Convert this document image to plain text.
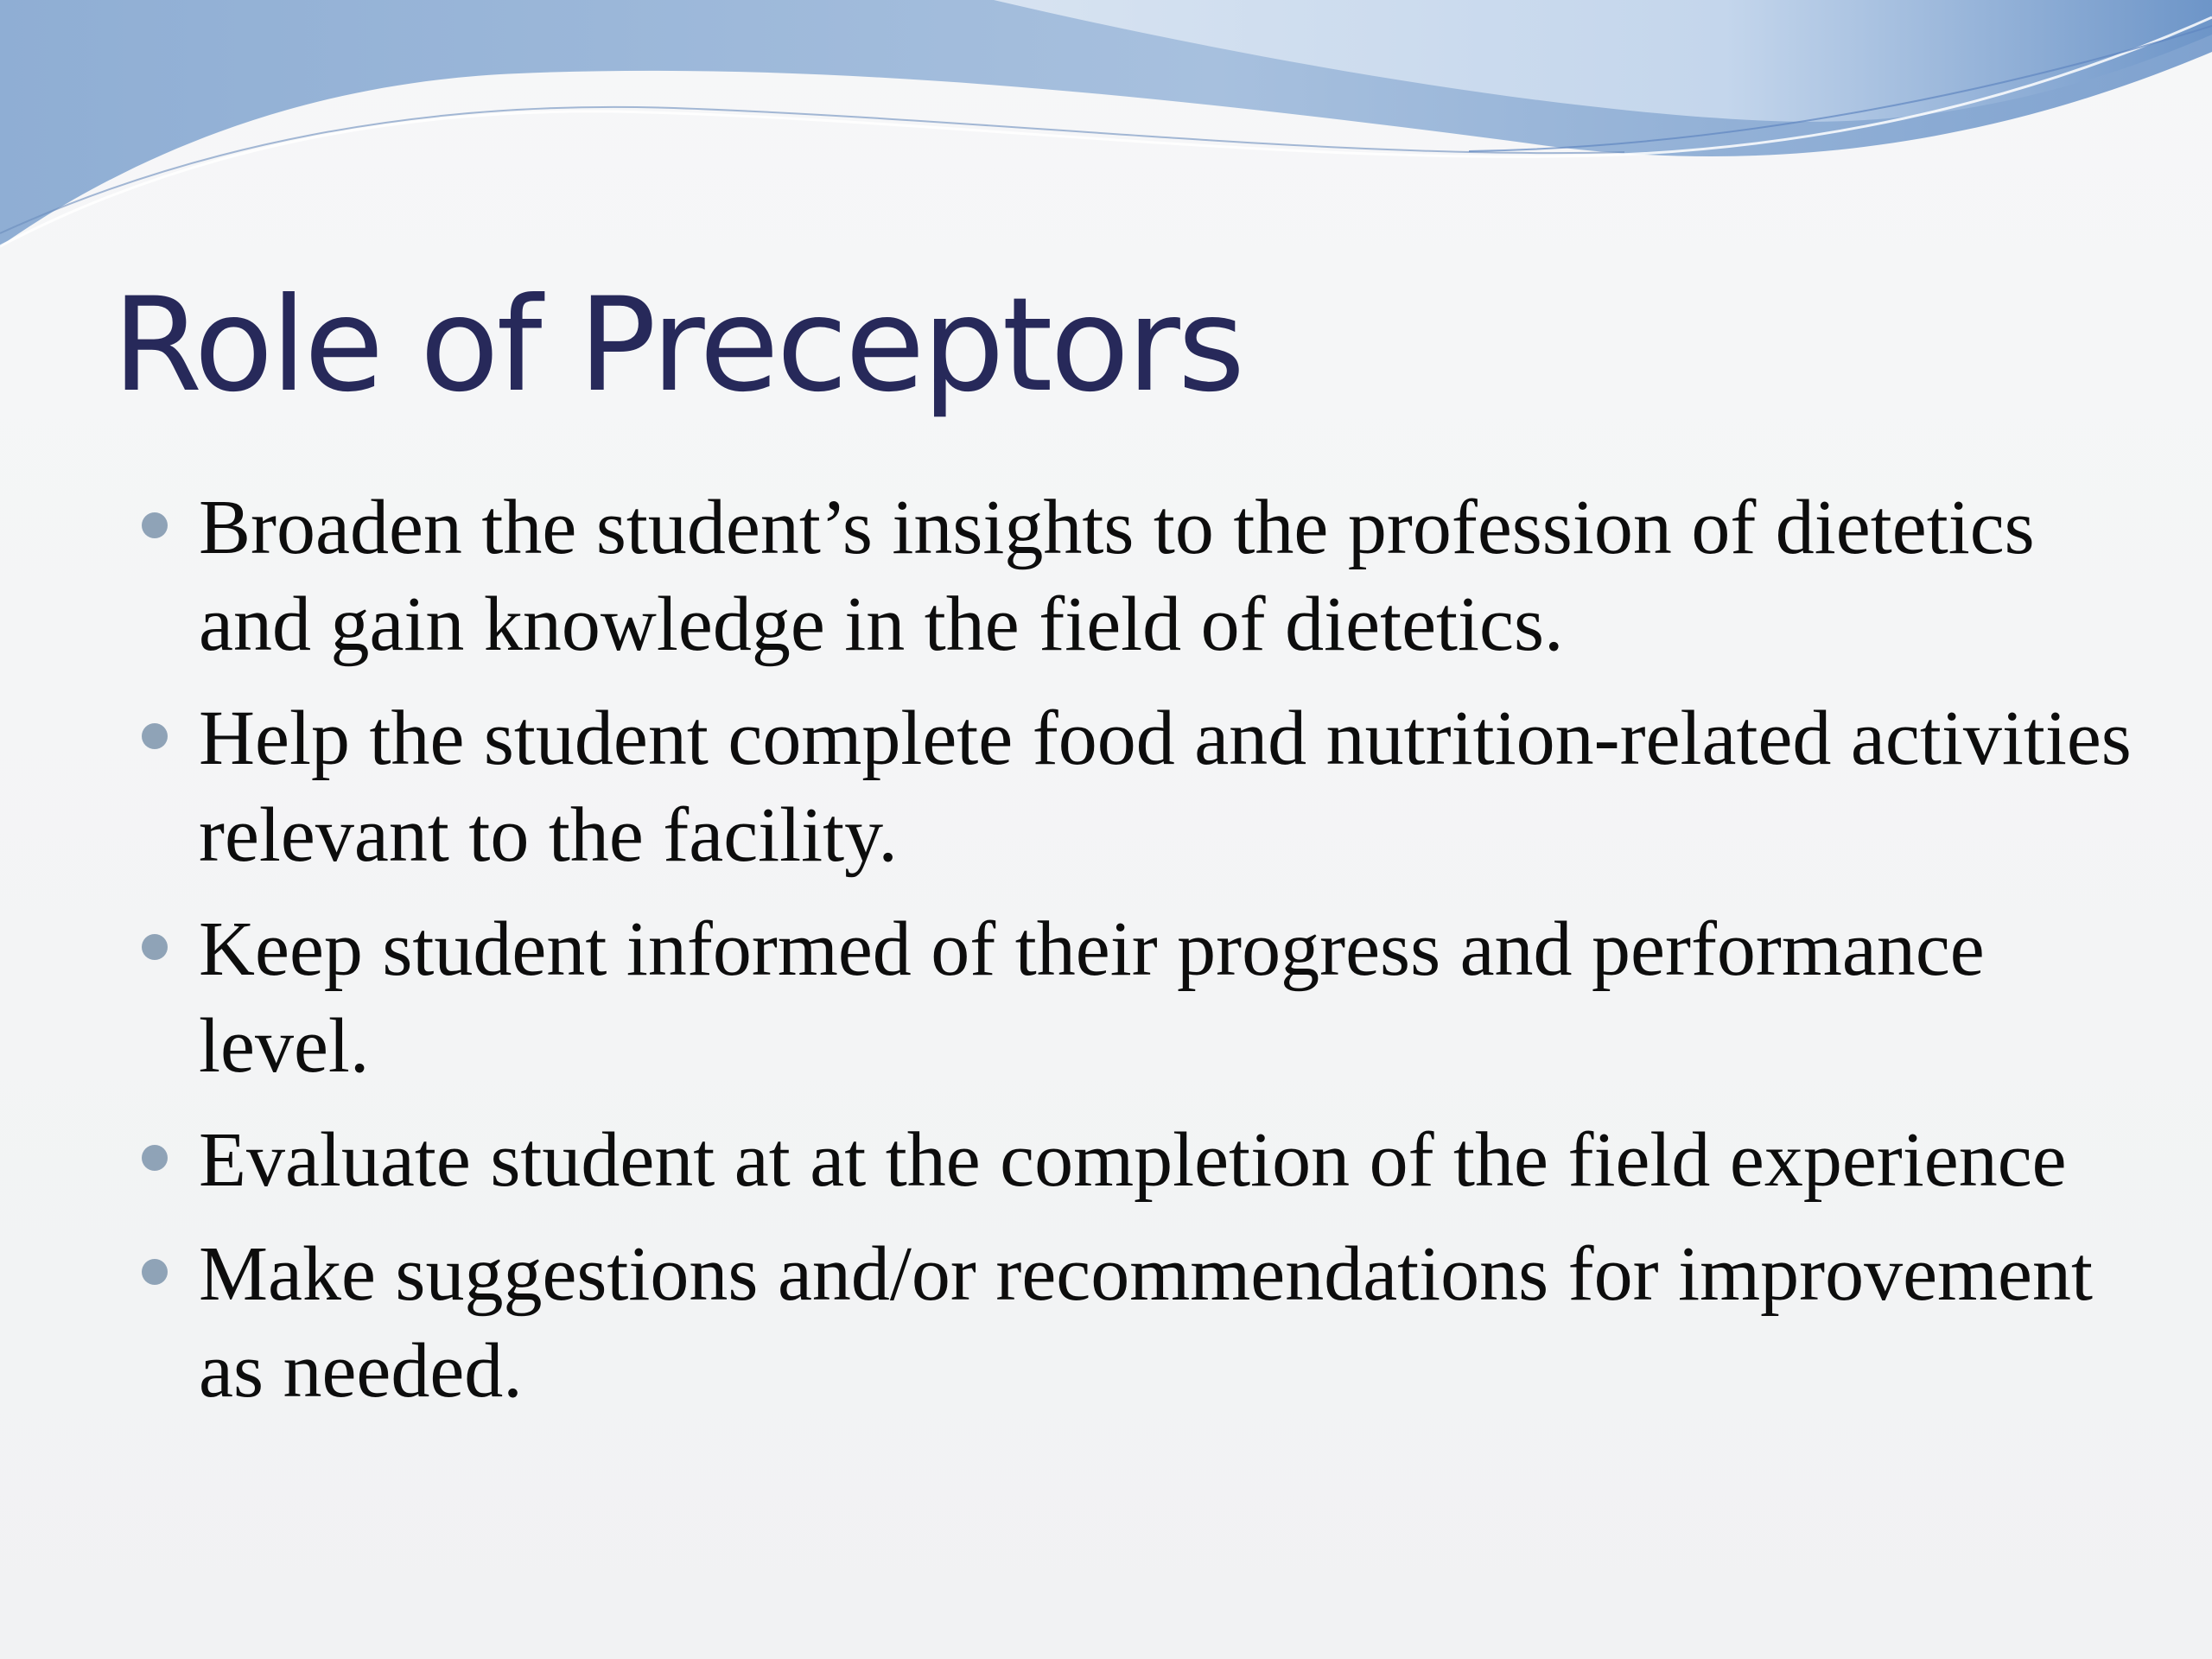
Role of Preceptors
Broaden the student’s insights to the profession of dietetics and gain knowledge in the field of dietetics.
Help the student complete food and nutrition-related activities relevant to the facility.
Keep student informed of their progress and performance level.
Evaluate student at at the completion of the field experience
Make suggestions and/or recommendations for improvement as needed.
